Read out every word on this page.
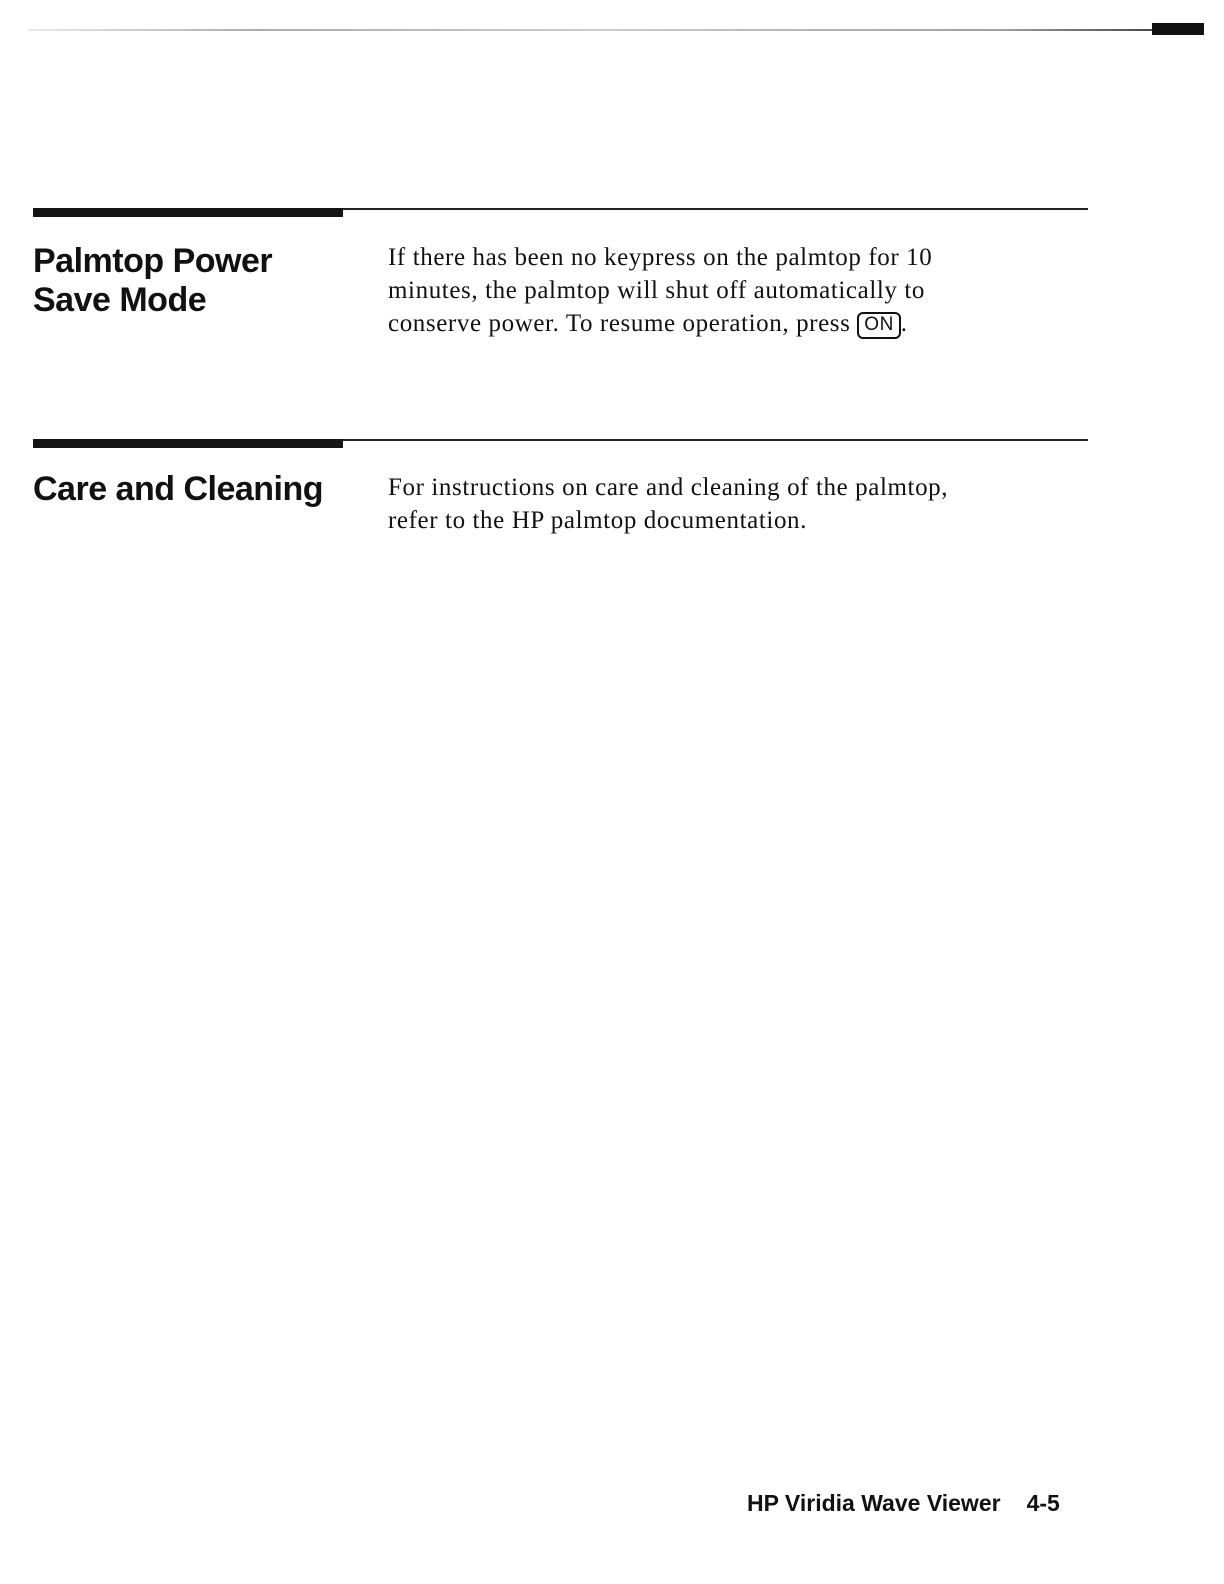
Palmtop Power
Save Mode

If there has been no keypress on the palmtop for 10
minutes, the palmtop will shut off automatically to
conserve power. To resume operation, press ON .

Care and Cleaning	For instructions on care and cleaning of the palmtop,
refer to the HP palmtop documentation.

HP Viridia Wave Viewer 4-5
